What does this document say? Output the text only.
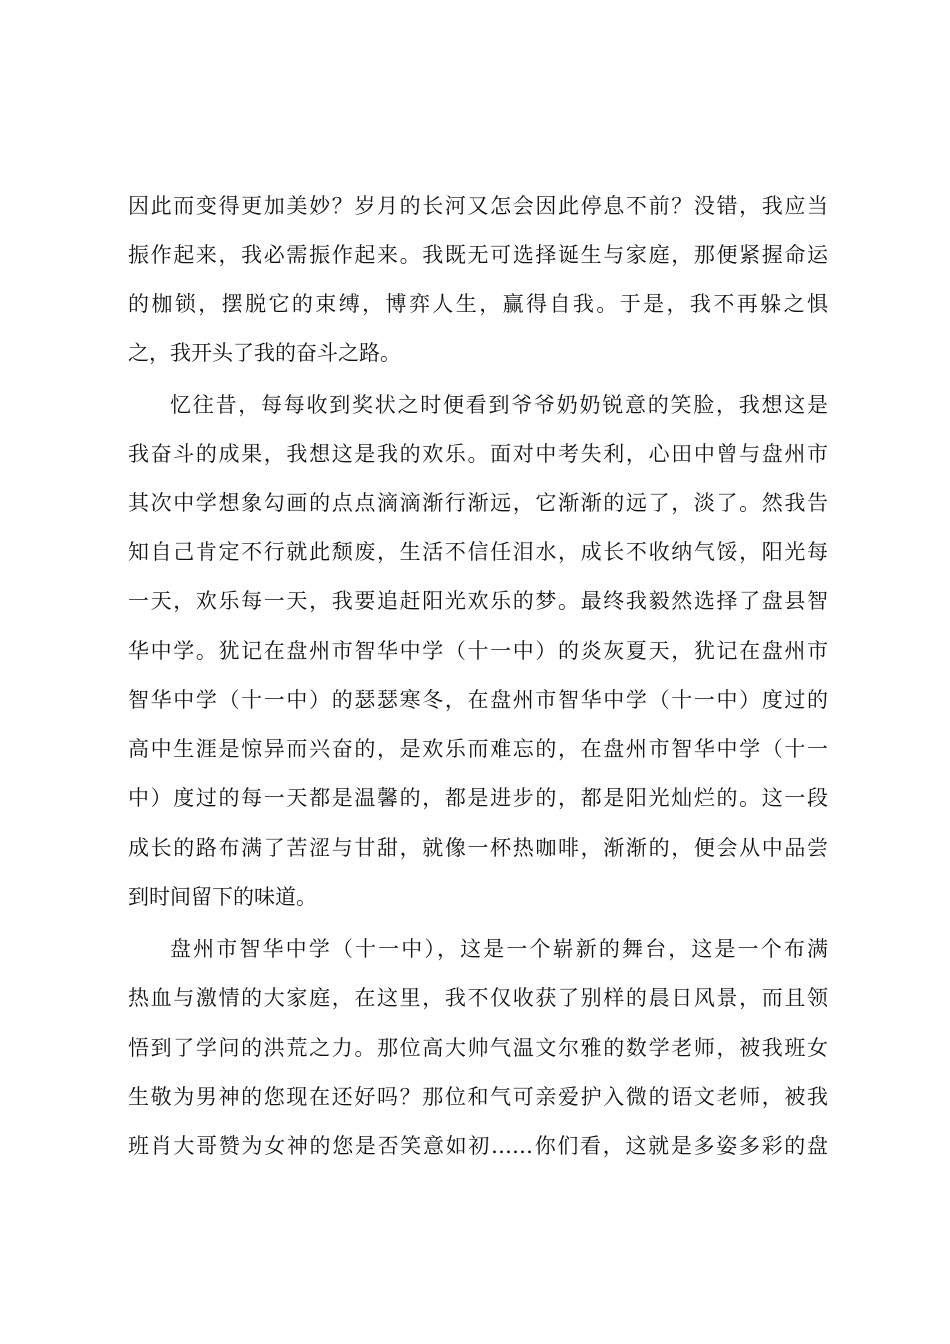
因此而变得更加美妙？岁月的长河又怎会因此停息不前？没错，我应当
振作起来，我必需振作起来。我既无可选择诞生与家庭，那便紧握命运
的枷锁，摆脱它的束缚，博弈人生，赢得自我。于是，我不再躲之惧
之，我开头了我的奋斗之路。
忆往昔，每每收到奖状之时便看到爷爷奶奶锐意的笑脸，我想这是
我奋斗的成果，我想这是我的欢乐。面对中考失利，心田中曾与盘州市
其次中学想象勾画的点点滴滴渐行渐远，它渐渐的远了，淡了。然我告
知自己肯定不行就此颓废，生活不信任泪水，成长不收纳气馁，阳光每
一天，欢乐每一天，我要追赶阳光欢乐的梦。最终我毅然选择了盘县智
华中学。犹记在盘州市智华中学（十一中）的炎灰夏天，犹记在盘州市
智华中学（十一中）的瑟瑟寒冬，在盘州市智华中学（十一中）度过的
高中生涯是惊异而兴奋的，是欢乐而难忘的，在盘州市智华中学（十一
中）度过的每一天都是温馨的，都是进步的，都是阳光灿烂的。这一段
成长的路布满了苦涩与甘甜，就像一杯热咖啡，渐渐的，便会从中品尝
到时间留下的味道。
盘州市智华中学（十一中），这是一个崭新的舞台，这是一个布满
热血与激情的大家庭，在这里，我不仅收获了别样的晨日风景，而且领
悟到了学问的洪荒之力。那位高大帅气温文尔雅的数学老师，被我班女
生敬为男神的您现在还好吗？那位和气可亲爱护入微的语文老师，被我
班肖大哥赞为女神的您是否笑意如初……你们看，这就是多姿多彩的盘
